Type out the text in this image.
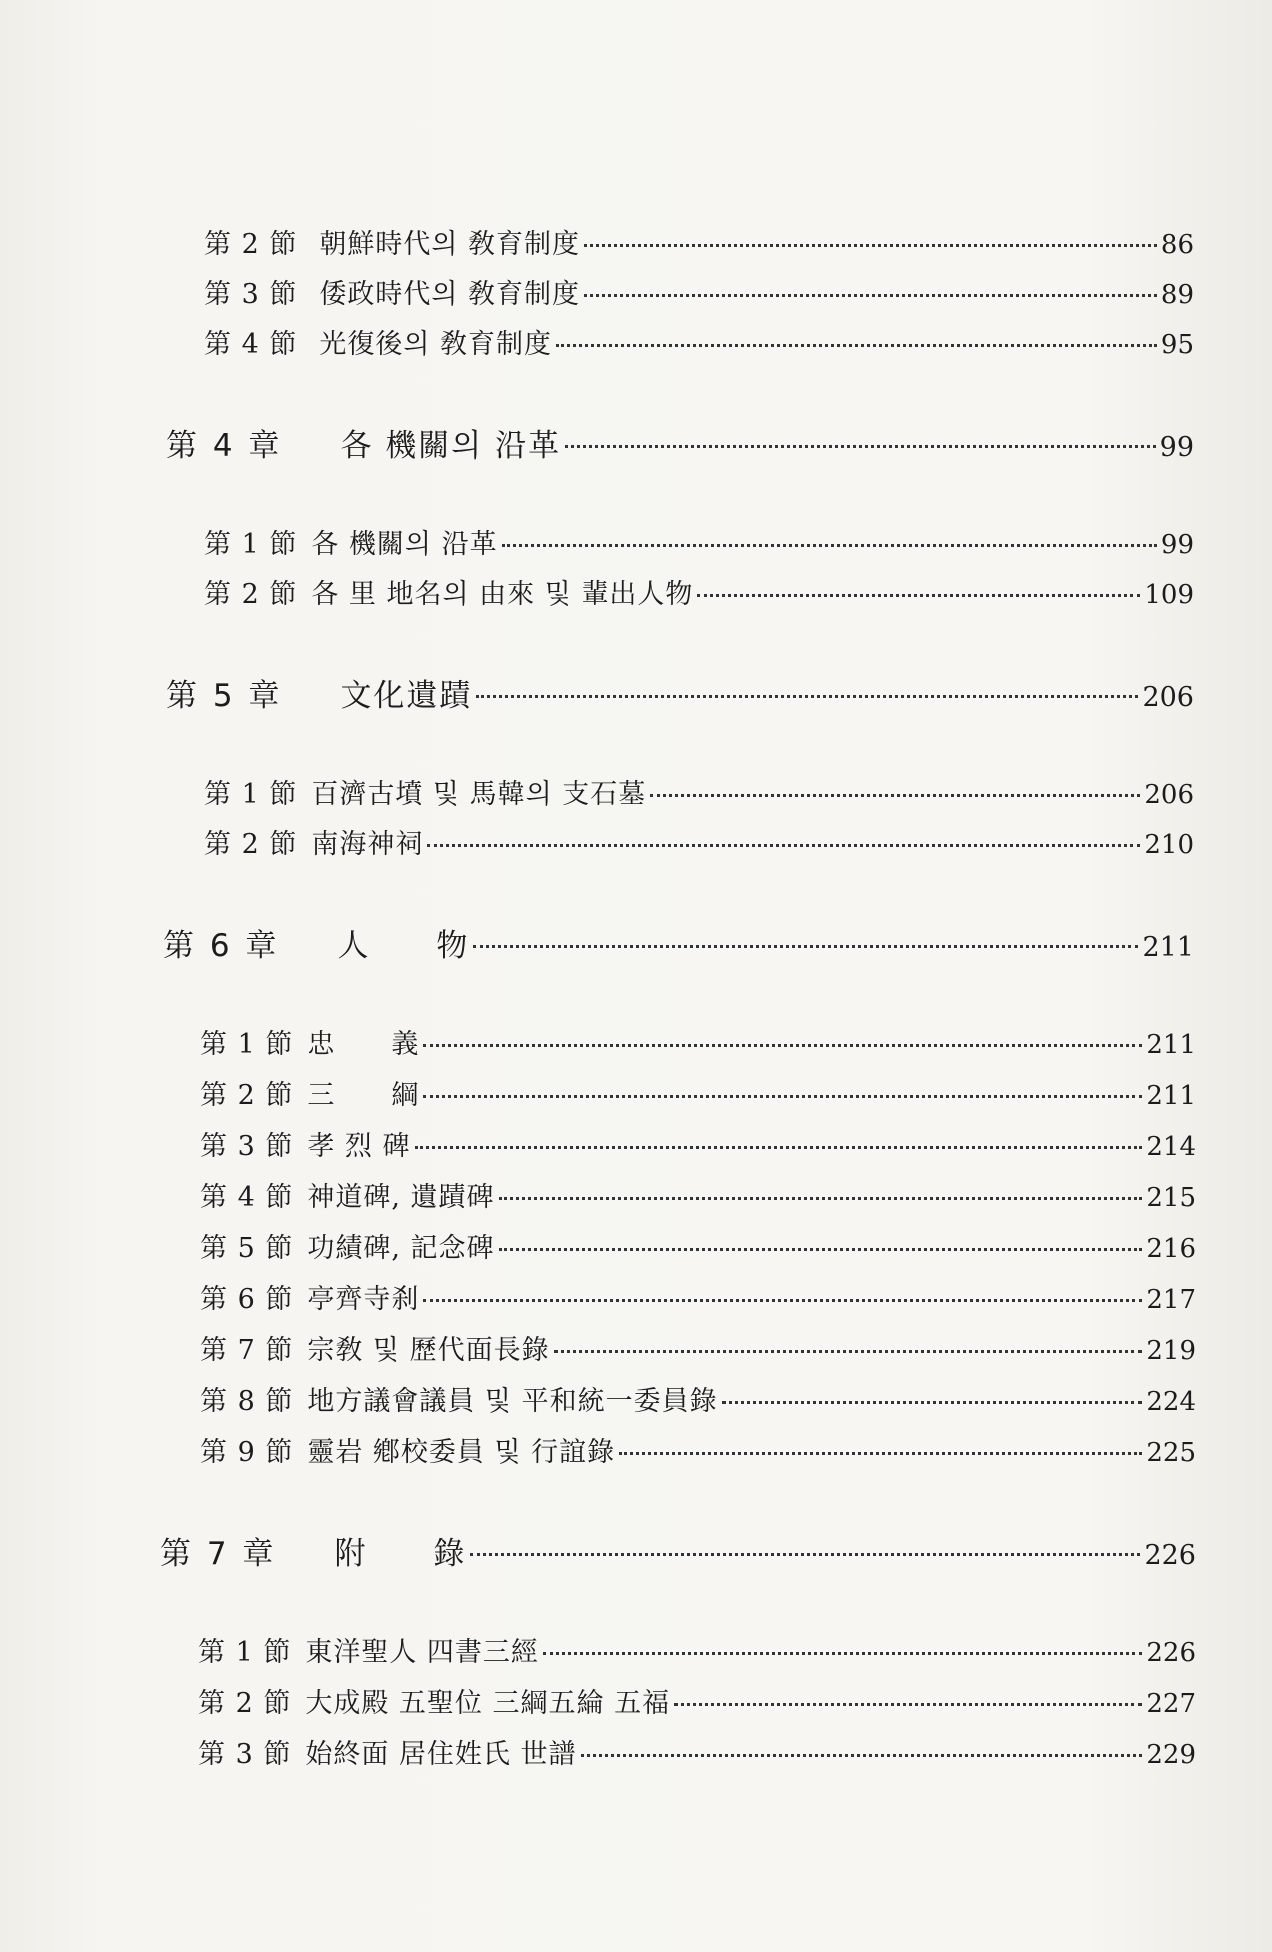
第 2 節 朝鮮時代의 敎育制度	86
第 3 節 倭政時代의 敎育制度	89
第 4 節 光復後의 敎育制度	95
第 4 章 各 機關의 沿革	99
第 1 節 各 機關의 沿革	99
第 2 節 各 里 地名의 由來 및 輩出人物	109
第 5 章 文化遺蹟	206
第 1 節 百濟古墳 및 馬韓의 支石墓	206
第 2 節 南海神祠	210
第 6 章 人　　物	211
第 1 節 忠　　義	211
第 2 節 三　　綱	211
第 3 節 孝 烈 碑	214
第 4 節 神道碑, 遺蹟碑	215
第 5 節 功績碑, 記念碑	216
第 6 節 亭齊寺刹	217
第 7 節 宗敎 및 歷代面長錄	219
第 8 節 地方議會議員 및 平和統一委員錄	224
第 9 節 靈岩 鄕校委員 및 行誼錄	225
第 7 章 附　　錄	226
第 1 節 東洋聖人 四書三經	226
第 2 節 大成殿 五聖位 三綱五綸 五福	227
第 3 節 始終面 居住姓氏 世譜	229
